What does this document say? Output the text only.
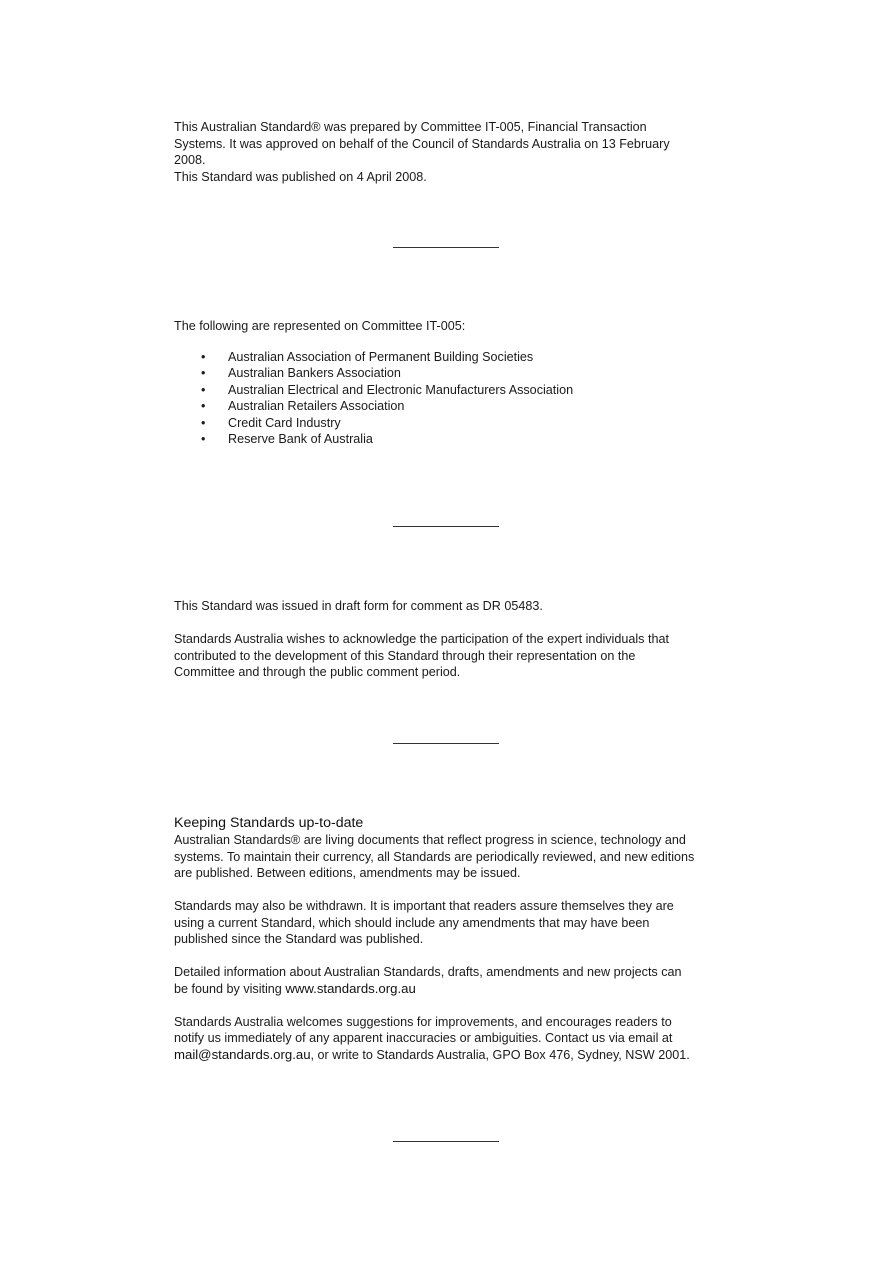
This Australian Standard® was prepared by Committee IT-005, Financial Transaction
Systems. It was approved on behalf of the Council of Standards Australia on 13 February
2008.

This Standard was published on 4 April 2008.

The following are represented on Committee IT-005:

• Australian Association of Permanent Building Societies
• Australian Bankers Association
• Australian Electrical and Electronic Manufacturers Association
• Australian Retailers Association
• Credit Card Industry
• Reserve Bank of Australia

This Standard was issued in draft form for comment as DR 05483.

Standards Australia wishes to acknowledge the participation of the expert individuals that
contributed to the development of this Standard through their representation on the
Committee and through the public comment period.

Keeping Standards up-to-date

Australian Standards® are living documents that reflect progress in science, technology and
systems. To maintain their currency, all Standards are periodically reviewed, and new editions
are published. Between editions, amendments may be issued.

Standards may also be withdrawn. It is important that readers assure themselves they are
using a current Standard, which should include any amendments that may have been
published since the Standard was published.

Detailed information about Australian Standards, drafts, amendments and new projects can
be found by visiting www.standards.org.au

Standards Australia welcomes suggestions for improvements, and encourages readers to
notify us immediately of any apparent inaccuracies or ambiguities. Contact us via email at
mail@standards.org.au, or write to Standards Australia, GPO Box 476, Sydney, NSW 2001.
